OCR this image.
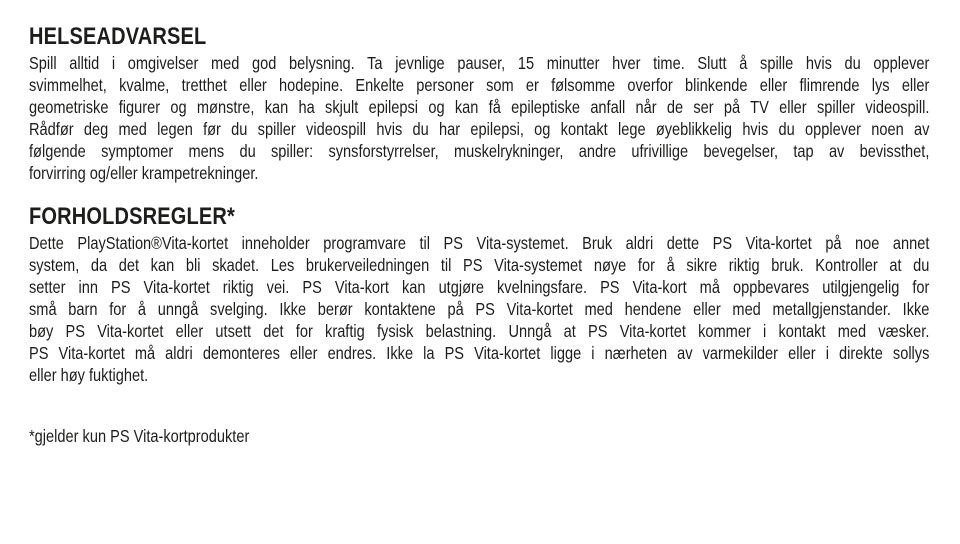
HELSEADVARSEL
Spill alltid i omgivelser med god belysning. Ta jevnlige pauser, 15 minutter hver time. Slutt å spille hvis du opplever
svimmelhet, kvalme, tretthet eller hodepine. Enkelte personer som er følsomme overfor blinkende eller flimrende lys eller
geometriske figurer og mønstre, kan ha skjult epilepsi og kan få epileptiske anfall når de ser på TV eller spiller videospill.
Rådfør deg med legen før du spiller videospill hvis du har epilepsi, og kontakt lege øyeblikkelig hvis du opplever noen av
følgende symptomer mens du spiller: synsforstyrrelser, muskelrykninger, andre ufrivillige bevegelser, tap av bevissthet,
forvirring og/eller krampetrekninger.
FORHOLDSREGLER*
Dette PlayStation®Vita-kortet inneholder programvare til PS Vita-systemet. Bruk aldri dette PS Vita-kortet på noe annet
system, da det kan bli skadet. Les brukerveiledningen til PS Vita-systemet nøye for å sikre riktig bruk. Kontroller at du
setter inn PS Vita-kortet riktig vei. PS Vita-kort kan utgjøre kvelningsfare. PS Vita-kort må oppbevares utilgjengelig for
små barn for å unngå svelging. Ikke berør kontaktene på PS Vita-kortet med hendene eller med metallgjenstander. Ikke
bøy PS Vita-kortet eller utsett det for kraftig fysisk belastning. Unngå at PS Vita-kortet kommer i kontakt med væsker.
PS Vita-kortet må aldri demonteres eller endres. Ikke la PS Vita-kortet ligge i nærheten av varmekilder eller i direkte sollys
eller høy fuktighet.
*gjelder kun PS Vita-kortprodukter
